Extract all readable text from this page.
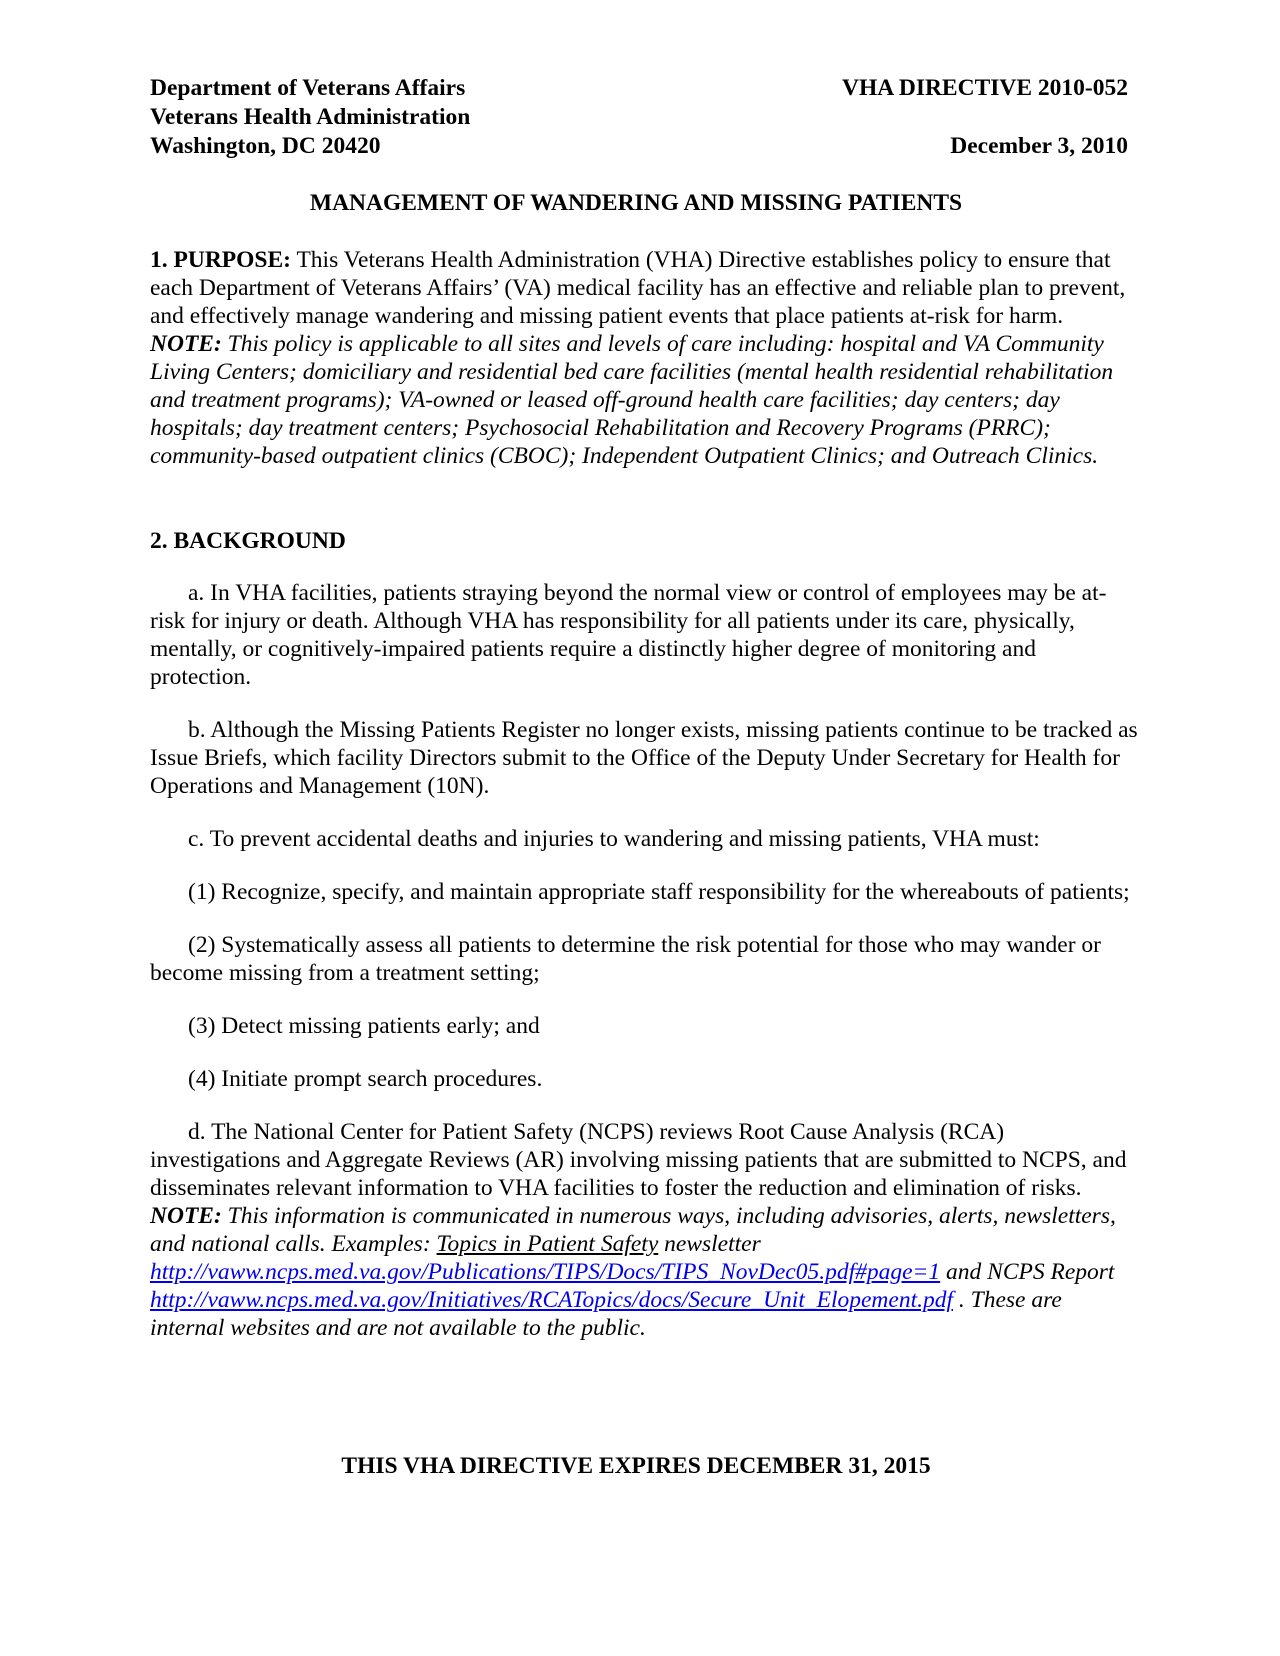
Department of Veterans Affairs
Veterans Health Administration
Washington, DC 20420
VHA DIRECTIVE 2010-052
December 3, 2010
MANAGEMENT OF WANDERING AND MISSING PATIENTS

1. PURPOSE: This Veterans Health Administration (VHA) Directive establishes policy to ensure that each Department of Veterans Affairs’ (VA) medical facility has an effective and reliable plan to prevent, and effectively manage wandering and missing patient events that place patients at-risk for harm. NOTE: This policy is applicable to all sites and levels of care including: hospital and VA Community Living Centers; domiciliary and residential bed care facilities (mental health residential rehabilitation and treatment programs); VA-owned or leased off-ground health care facilities; day centers; day hospitals; day treatment centers; Psychosocial Rehabilitation and Recovery Programs (PRRC); community-based outpatient clinics (CBOC); Independent Outpatient Clinics; and Outreach Clinics.

2. BACKGROUND

a. In VHA facilities, patients straying beyond the normal view or control of employees may be at-risk for injury or death. Although VHA has responsibility for all patients under its care, physically, mentally, or cognitively-impaired patients require a distinctly higher degree of monitoring and protection.

b. Although the Missing Patients Register no longer exists, missing patients continue to be tracked as Issue Briefs, which facility Directors submit to the Office of the Deputy Under Secretary for Health for Operations and Management (10N).

c. To prevent accidental deaths and injuries to wandering and missing patients, VHA must:

(1) Recognize, specify, and maintain appropriate staff responsibility for the whereabouts of patients;

(2) Systematically assess all patients to determine the risk potential for those who may wander or become missing from a treatment setting;

(3) Detect missing patients early; and

(4) Initiate prompt search procedures.

d. The National Center for Patient Safety (NCPS) reviews Root Cause Analysis (RCA) investigations and Aggregate Reviews (AR) involving missing patients that are submitted to NCPS, and disseminates relevant information to VHA facilities to foster the reduction and elimination of risks. NOTE: This information is communicated in numerous ways, including advisories, alerts, newsletters, and national calls. Examples: Topics in Patient Safety newsletter http://vaww.ncps.med.va.gov/Publications/TIPS/Docs/TIPS_NovDec05.pdf#page=1 and NCPS Report http://vaww.ncps.med.va.gov/Initiatives/RCATopics/docs/Secure_Unit_Elopement.pdf . These are internal websites and are not available to the public.

THIS VHA DIRECTIVE EXPIRES DECEMBER 31, 2015
